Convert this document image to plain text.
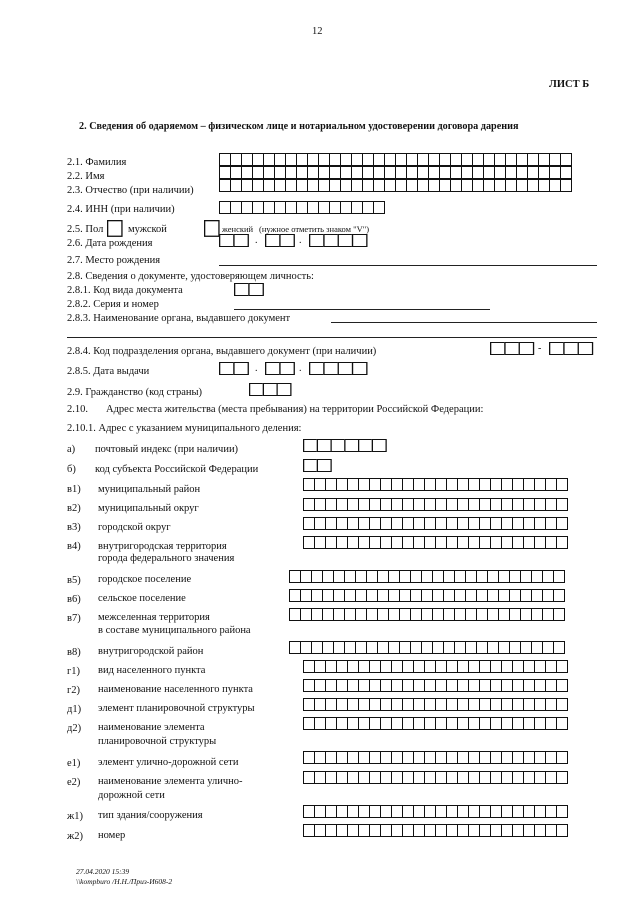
12
ЛИСТ Б
2. Сведения об одаряемом – физическом лице и нотариальном удостоверении договора дарения
2.1. Фамилия
2.2. Имя
2.3. Отчество (при наличии)
2.4. ИНН (при наличии)
2.5. Пол мужской	женский (нужное отметить знаком "V")
2.6. Дата рождения	.	.
2.7. Место рождения
2.8. Сведения о документе, удостоверяющем личность:
2.8.1. Код вида документа
2.8.2. Серия и номер
2.8.3. Наименование органа, выдавшего документ
2.8.4. Код подразделения органа, выдавшего документ (при наличии)	-
2.8.5. Дата выдачи	.	.
2.9. Гражданство (код страны)
2.10. Адрес места жительства (места пребывания) на территории Российской Федерации:
2.10.1. Адрес с указанием муниципального деления:
а) почтовый индекс (при наличии)
б) код субъекта Российской Федерации
в1) муниципальный район
в2) муниципальный округ
в3) городской округ
в4) внутригородская территория
города федерального значения
в5) городское поселение
в6) сельское поселение
в7) межселенная территория
в составе муниципального района
в8) внутригородской район
г1) вид населенного пункта
г2) наименование населенного пункта
д1) элемент планировочной структуры
д2) наименование элемента
планировочной структуры
е1) элемент улично-дорожной сети
е2) наименование элемента улично-
дорожной сети
ж1) тип здания/сооружения
ж2) номер
27.04.2020 15:39
\\kompburo /Н.Н./Приз-И608-2
